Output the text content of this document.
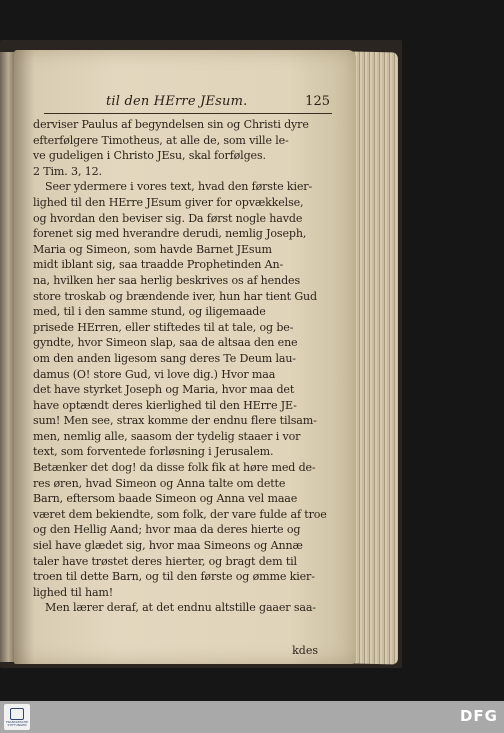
til den HErre JEsum.	125
derviser Paulus af begyndelsen sin og Christi dyre
efterfølgere Timotheus, at alle de, som ville le-
ve gudeligen i Christo JEsu, skal forfølges.
2 Tim. 3, 12.
Seer ydermere i vores text, hvad den første kier-
lighed til den HErre JEsum giver for opvækkelse,
og hvordan den beviser sig. Da først nogle havde
forenet sig med hverandre derudi, nemlig Joseph,
Maria og Simeon, som havde Barnet JEsum
midt iblant sig, saa traadde Prophetinden An-
na, hvilken her saa herlig beskrives os af hendes
store troskab og brændende iver, hun har tient Gud
med, til i den samme stund, og iligemaade
prisede HErren, eller stiftedes til at tale, og be-
gyndte, hvor Simeon slap, saa de altsaa den ene
om den anden ligesom sang deres Te Deum lau-
damus (O! store Gud, vi love dig.) Hvor maa
det have styrket Joseph og Maria, hvor maa det
have optændt deres kierlighed til den HErre JE-
sum! Men see, strax komme der endnu flere tilsam-
men, nemlig alle, saasom der tydelig staaer i vor
text, som forventede forløsning i Jerusalem.
Betænker det dog! da disse folk fik at høre med de-
res øren, hvad Simeon og Anna talte om dette
Barn, eftersom baade Simeon og Anna vel maae
været dem bekiendte, som folk, der vare fulde af troe
og den Hellig Aand; hvor maa da deres hierte og
siel have glædet sig, hvor maa Simeons og Annæ
taler have trøstet deres hierter, og bragt dem til
troen til dette Barn, og til den første og ømme kier-
lighed til ham!
Men lærer deraf, at det endnu altstille gaaer saa-
kdes
FRANCKESCHE STIFTUNGEN	DFG
